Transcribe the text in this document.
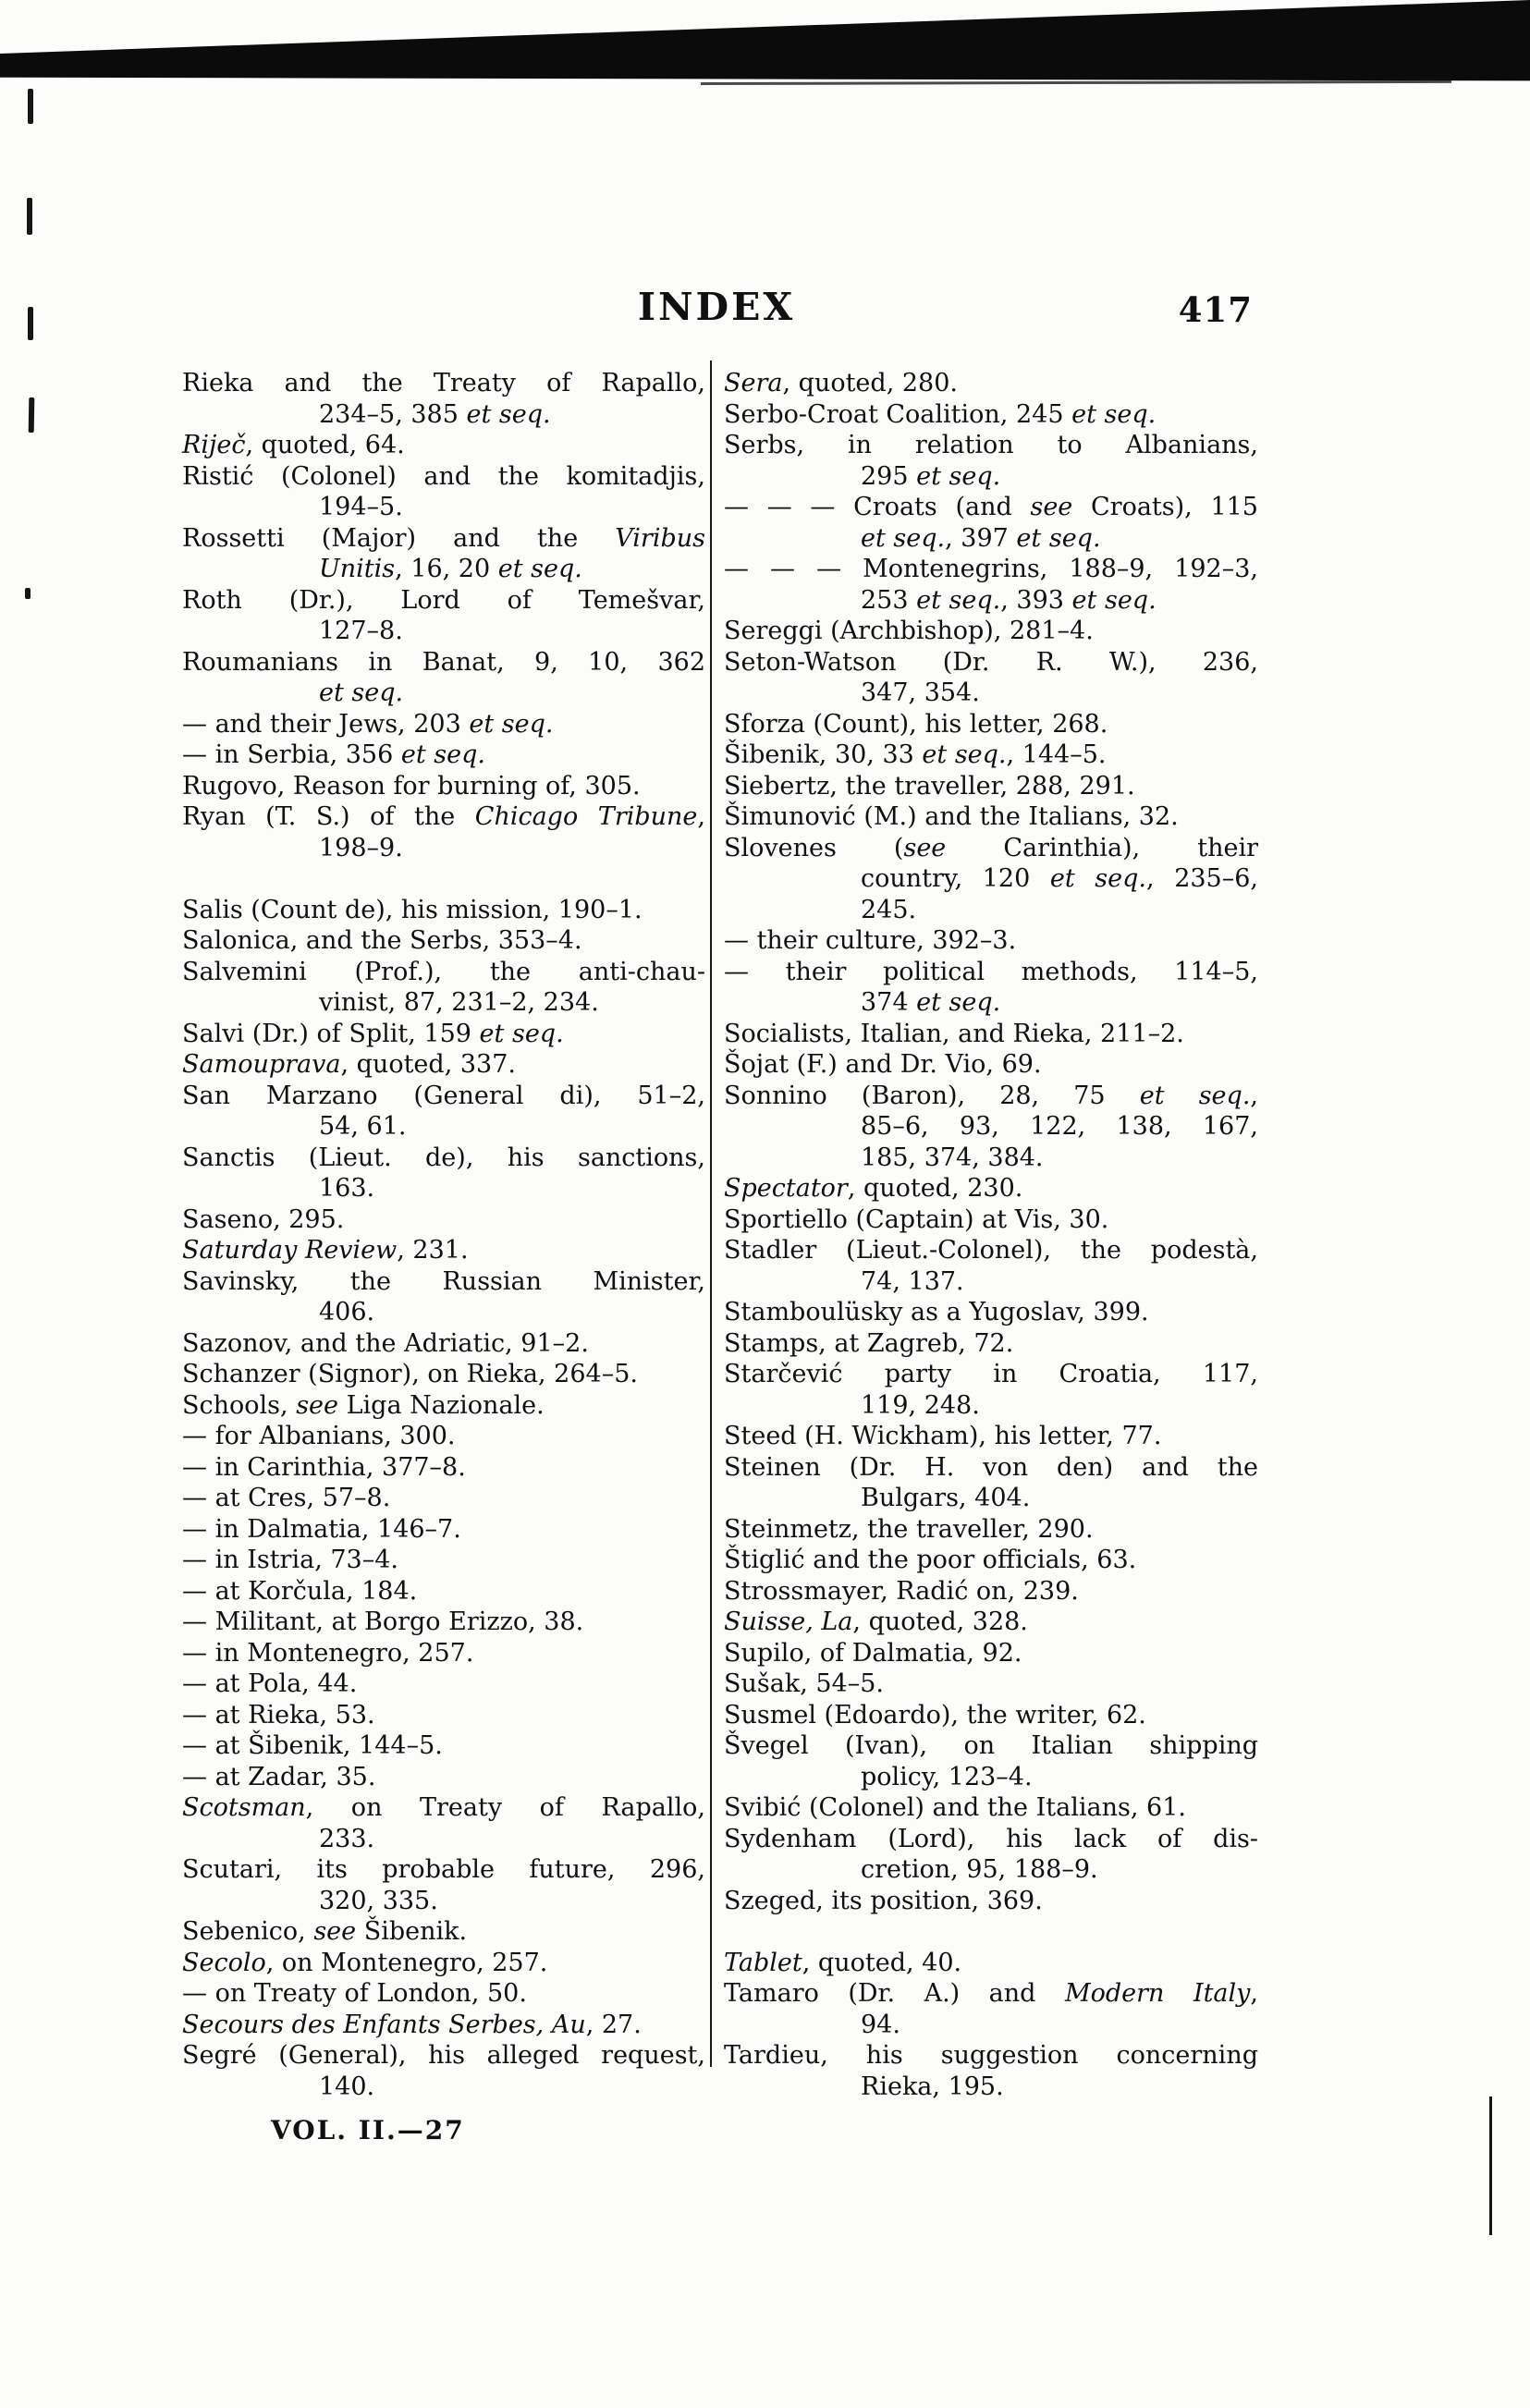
INDEX	417
Rieka and the Treaty of Rapallo,
234–5, 385 et seq.
Riječ, quoted, 64.
Ristić (Colonel) and the komitadjis,
194–5.
Rossetti (Major) and the Viribus
Unitis, 16, 20 et seq.
Roth (Dr.), Lord of Temešvar,
127–8.
Roumanians in Banat, 9, 10, 362
et seq.
— and their Jews, 203 et seq.
— in Serbia, 356 et seq.
Rugovo, Reason for burning of, 305.
Ryan (T. S.) of the Chicago Tribune,
198–9.
Salis (Count de), his mission, 190–1.
Salonica, and the Serbs, 353–4.
Salvemini (Prof.), the anti-chau-
vinist, 87, 231–2, 234.
Salvi (Dr.) of Split, 159 et seq.
Samouprava, quoted, 337.
San Marzano (General di), 51–2,
54, 61.
Sanctis (Lieut. de), his sanctions,
163.
Saseno, 295.
Saturday Review, 231.
Savinsky, the Russian Minister,
406.
Sazonov, and the Adriatic, 91–2.
Schanzer (Signor), on Rieka, 264–5.
Schools, see Liga Nazionale.
— for Albanians, 300.
— in Carinthia, 377–8.
— at Cres, 57–8.
— in Dalmatia, 146–7.
— in Istria, 73–4.
— at Korčula, 184.
— Militant, at Borgo Erizzo, 38.
— in Montenegro, 257.
— at Pola, 44.
— at Rieka, 53.
— at Šibenik, 144–5.
— at Zadar, 35.
Scotsman, on Treaty of Rapallo,
233.
Scutari, its probable future, 296,
320, 335.
Sebenico, see Šibenik.
Secolo, on Montenegro, 257.
— on Treaty of London, 50.
Secours des Enfants Serbes, Au, 27.
Segré (General), his alleged request,
140.
Sera, quoted, 280.
Serbo-Croat Coalition, 245 et seq.
Serbs, in relation to Albanians,
295 et seq.
— — — Croats (and see Croats), 115
et seq., 397 et seq.
— — — Montenegrins, 188–9, 192–3,
253 et seq., 393 et seq.
Sereggi (Archbishop), 281–4.
Seton-Watson (Dr. R. W.), 236,
347, 354.
Sforza (Count), his letter, 268.
Šibenik, 30, 33 et seq., 144–5.
Siebertz, the traveller, 288, 291.
Šimunović (M.) and the Italians, 32.
Slovenes (see Carinthia), their
country, 120 et seq., 235–6,
245.
— their culture, 392–3.
— their political methods, 114–5,
374 et seq.
Socialists, Italian, and Rieka, 211–2.
Šojat (F.) and Dr. Vio, 69.
Sonnino (Baron), 28, 75 et seq.,
85–6, 93, 122, 138, 167,
185, 374, 384.
Spectator, quoted, 230.
Sportiello (Captain) at Vis, 30.
Stadler (Lieut.-Colonel), the podestà,
74, 137.
Stamboulüsky as a Yugoslav, 399.
Stamps, at Zagreb, 72.
Starčević party in Croatia, 117,
119, 248.
Steed (H. Wickham), his letter, 77.
Steinen (Dr. H. von den) and the
Bulgars, 404.
Steinmetz, the traveller, 290.
Štiglić and the poor officials, 63.
Strossmayer, Radić on, 239.
Suisse, La, quoted, 328.
Supilo, of Dalmatia, 92.
Sušak, 54–5.
Susmel (Edoardo), the writer, 62.
Švegel (Ivan), on Italian shipping
policy, 123–4.
Svibić (Colonel) and the Italians, 61.
Sydenham (Lord), his lack of dis-
cretion, 95, 188–9.
Szeged, its position, 369.
Tablet, quoted, 40.
Tamaro (Dr. A.) and Modern Italy,
94.
Tardieu, his suggestion concerning
Rieka, 195.
VOL. II.—27
